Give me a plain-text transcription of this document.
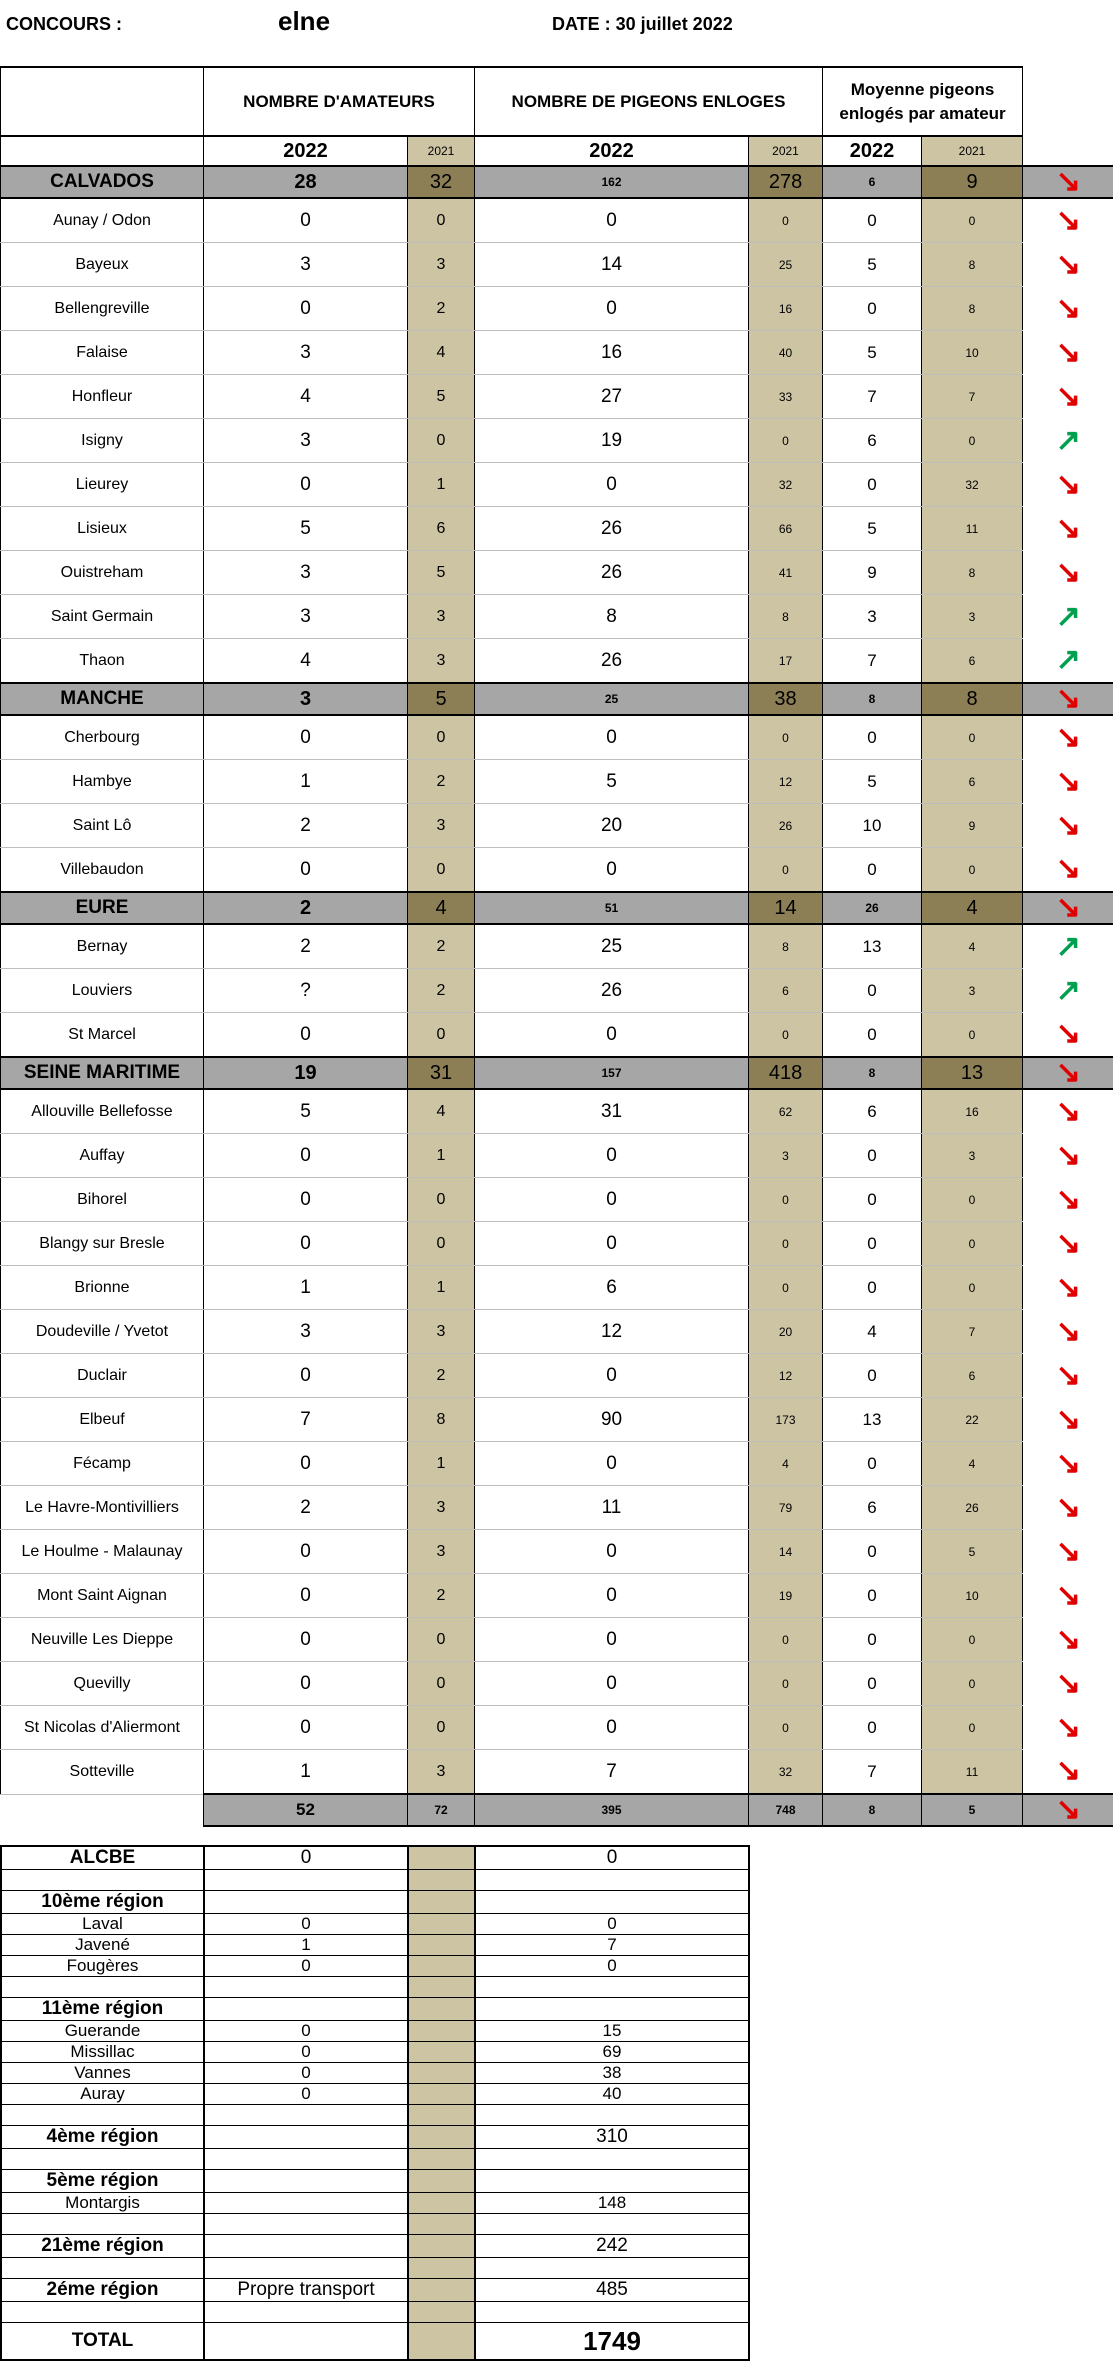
CONCOURS :	elne	DATE : 30 juillet 2022
	NOMBRE D'AMATEURS		NOMBRE DE PIGEONS ENLOGES		Moyenne pigeons
enlogés par amateur		

	2022	2021	2022	2021	2022	2021	
CALVADOS	28	32	162	278	6	9	↘
Aunay / Odon	0	0	0	0	0	0	↘
Bayeux	3	3	14	25	5	8	↘
Bellengreville	0	2	0	16	0	8	↘
Falaise	3	4	16	40	5	10	↘
Honfleur	4	5	27	33	7	7	↘
Isigny	3	0	19	0	6	0	↗
Lieurey	0	1	0	32	0	32	↘
Lisieux	5	6	26	66	5	11	↘
Ouistreham	3	5	26	41	9	8	↘
Saint Germain	3	3	8	8	3	3	↗
Thaon	4	3	26	17	7	6	↗
MANCHE	3	5	25	38	8	8	↘
Cherbourg	0	0	0	0	0	0	↘
Hambye	1	2	5	12	5	6	↘
Saint Lô	2	3	20	26	10	9	↘
Villebaudon	0	0	0	0	0	0	↘
EURE	2	4	51	14	26	4	↘
Bernay	2	2	25	8	13	4	↗
Louviers	?	2	26	6	0	3	↗
St Marcel	0	0	0	0	0	0	↘
SEINE MARITIME	19	31	157	418	8	13	↘
Allouville Bellefosse	5	4	31	62	6	16	↘
Auffay	0	1	0	3	0	3	↘
Bihorel	0	0	0	0	0	0	↘
Blangy sur Bresle	0	0	0	0	0	0	↘
Brionne	1	1	6	0	0	0	↘
Doudeville / Yvetot	3	3	12	20	4	7	↘
Duclair	0	2	0	12	0	6	↘
Elbeuf	7	8	90	173	13	22	↘
Fécamp	0	1	0	4	0	4	↘
Le Havre-Montivilliers	2	3	11	79	6	26	↘
Le Houlme - Malaunay	0	3	0	14	0	5	↘
Mont Saint Aignan	0	2	0	19	0	10	↘
Neuville Les Dieppe	0	0	0	0	0	0	↘
Quevilly	0	0	0	0	0	0	↘
St Nicolas d'Aliermont	0	0	0	0	0	0	↘
Sotteville	1	3	7	32	7	11	↘
	52	72	395	748	8	5	↘
ALCBE	0		0

10ème région			
Laval	0		0
Javené	1		7
Fougères	0		0

11ème région			
Guerande	0		15
Missillac	0		69
Vannes	0		38
Auray	0		40

4ème région			310

5ème région			
Montargis			148

21ème région			242

2éme région	Propre transport		485

TOTAL			1749
